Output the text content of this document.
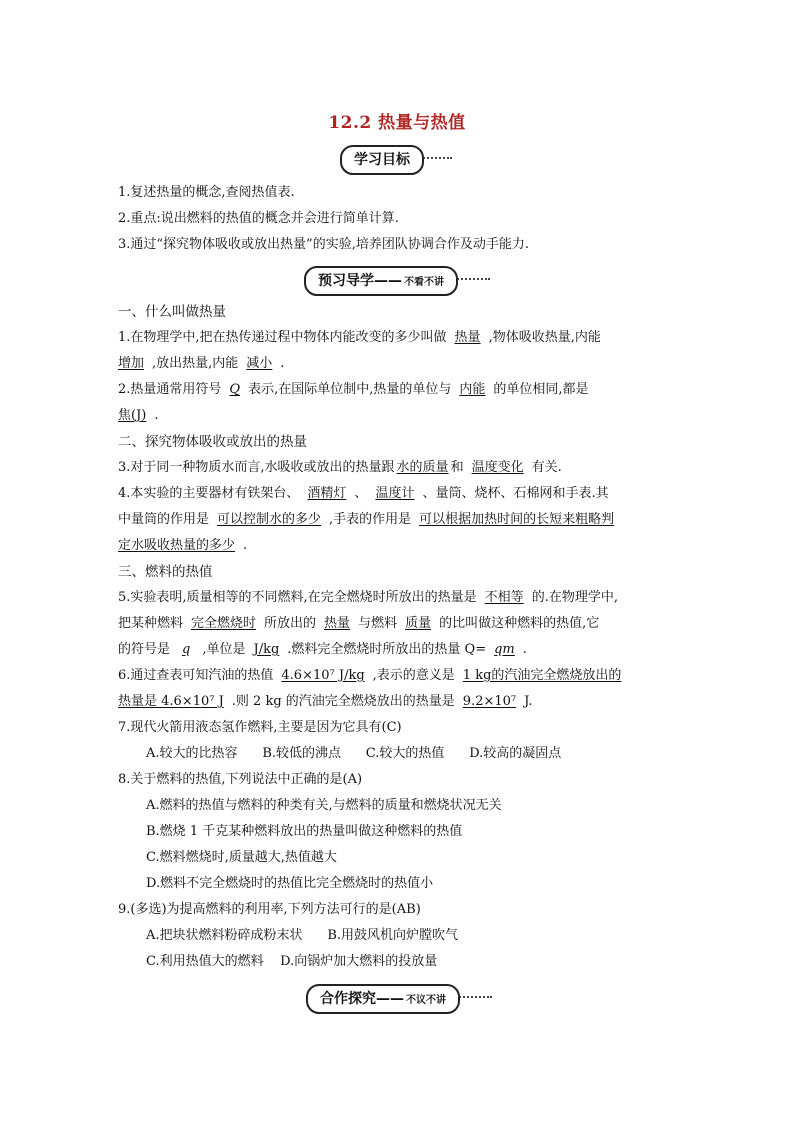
12.2 热量与热值
学习目标
1.复述热量的概念,查阅热值表.
2.重点:说出燃料的热值的概念并会进行简单计算.
3.通过“探究物体吸收或放出热量”的实验,培养团队协调合作及动手能力.
预习导学—— 不看不讲
一、什么叫做热量
1.在物理学中,把在热传递过程中物体内能改变的多少叫做 热量 ,物体吸收热量,内能
增加 ,放出热量,内能 减小 .
2.热量通常用符号 Q 表示,在国际单位制中,热量的单位与 内能 的单位相同,都是
焦(J) .
二、探究物体吸收或放出的热量
3.对于同一种物质水而言,水吸收或放出的热量跟 水的质量 和 温度变化 有关.
4.本实验的主要器材有铁架台、 酒精灯 、 温度计 、量筒、烧杯、石棉网和手表.其
中量筒的作用是 可以控制水的多少 ,手表的作用是 可以根据加热时间的长短来粗略判
定水吸收热量的多少 .
三、燃料的热值
5.实验表明,质量相等的不同燃料,在完全燃烧时所放出的热量是 不相等 的.在物理学中,
把某种燃料 完全燃烧时 所放出的 热量 与燃料 质量 的比叫做这种燃料的热值,它
的符号是 q ,单位是 J/kg .燃料完全燃烧时所放出的热量 Q= qm .
6.通过查表可知汽油的热值 4.6×10⁷ J/kg ,表示的意义是 1 kg的汽油完全燃烧放出的
热量是 4.6×10⁷ J .则 2 kg 的汽油完全燃烧放出的热量是 9.2×10⁷ J.
7.现代火箭用液态氢作燃料,主要是因为它具有(C)
A.较大的比热容      B.较低的沸点      C.较大的热值      D.较高的凝固点
8.关于燃料的热值,下列说法中正确的是(A)
A.燃料的热值与燃料的种类有关,与燃料的质量和燃烧状况无关
B.燃烧 1 千克某种燃料放出的热量叫做这种燃料的热值
C.燃料燃烧时,质量越大,热值越大
D.燃料不完全燃烧时的热值比完全燃烧时的热值小
9.(多选)为提高燃料的利用率,下列方法可行的是(AB)
A.把块状燃料粉碎成粉末状      B.用鼓风机向炉膛吹气
C.利用热值大的燃料    D.向锅炉加大燃料的投放量
合作探究—— 不议不讲
